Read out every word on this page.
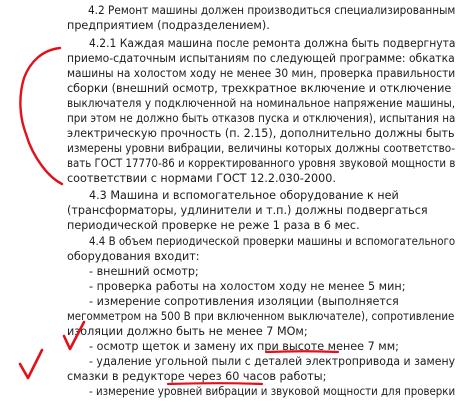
4.2 Ремонт машины должен производиться специализированным
предприятием (подразделением).
4.2.1 Каждая машина после ремонта должна быть подвергнута
приемо-сдаточным испытаниям по следующей программе: обкатка
машины на холостом ходу не менее 30 мин, проверка правильности
сборки (внешний осмотр, трехкратное включение и отключение
выключателя у подключенной на номинальное напряжение машины,
при этом не должно быть отказов пуска и отключения), испытания на
электрическую прочность (п. 2.15), дополнительно должны быть
измерены уровни вибрации, величины которых должны соответство-
вать ГОСТ 17770-86 и корректированного уровня звуковой мощности в
соответствии с нормами ГОСТ 12.2.030-2000.
4.3 Машина и вспомогательное оборудование к ней
(трансформаторы, удлинители и т.п.) должны подвергаться
периодической проверке не реже 1 раза в 6 мес.
4.4 В объем периодической проверки машины и вспомогательного
оборудования входит:
- внешний осмотр;
- проверка работы на холостом ходу не менее 5 мин;
- измерение сопротивления изоляции (выполняется
мегомметром на 500 В при включенном выключателе), сопротивление
изоляции должно быть не менее 7 МОм;
- осмотр щеток и замену их при высоте менее 7 мм;
- удаление угольной пыли с деталей электропривода и замену
смазки в редукторе через 60 часов работы;
- измерение уровней вибрации и звуковой мощности для проверки
